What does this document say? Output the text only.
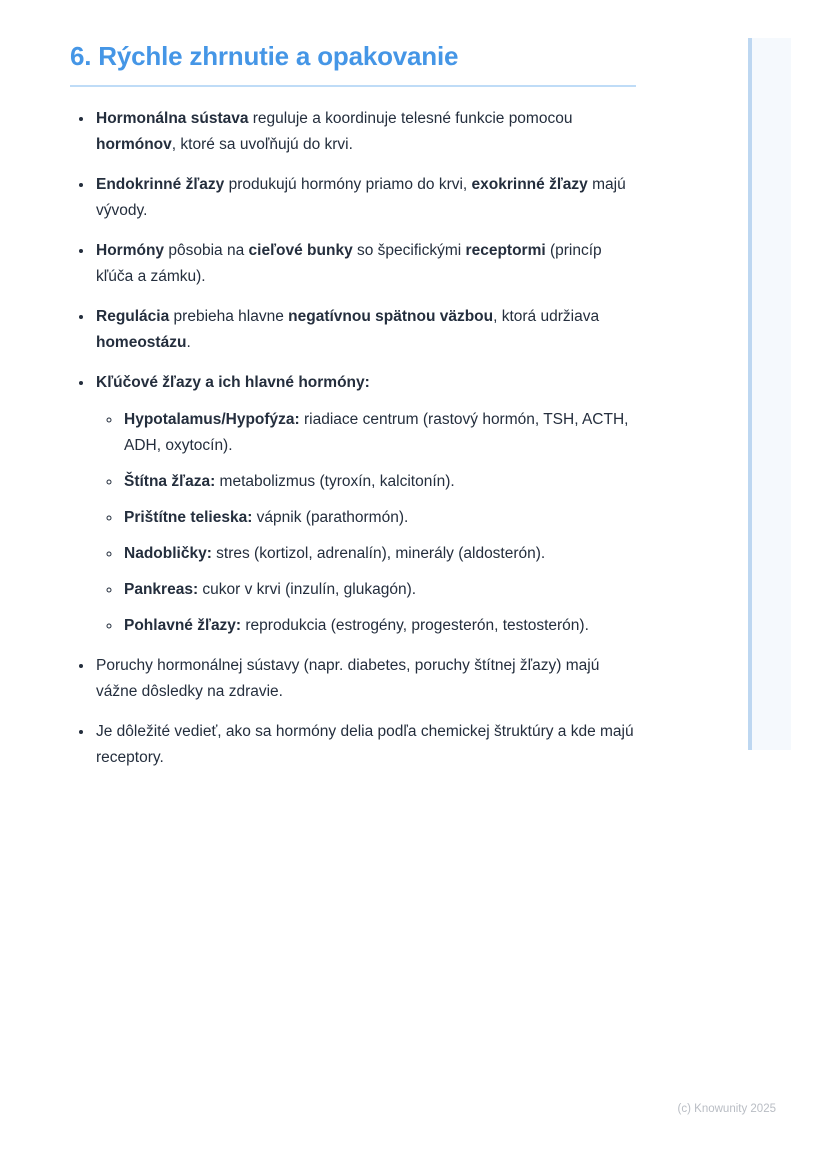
6. Rýchle zhrnutie a opakovanie
• Hormonálna sústava reguluje a koordinuje telesné funkcie pomocou hormónov, ktoré sa uvoľňujú do krvi.
• Endokrinné žľazy produkujú hormóny priamo do krvi, exokrinné žľazy majú vývody.
• Hormóny pôsobia na cieľové bunky so špecifickými receptormi (princíp kľúča a zámku).
• Regulácia prebieha hlavne negatívnou spätnou väzbou, ktorá udržiava homeostázu.
• Kľúčové žľazy a ich hlavné hormóny:
◦ Hypotalamus/Hypofýza: riadiace centrum (rastový hormón, TSH, ACTH, ADH, oxytocín).
◦ Štítna žľaza: metabolizmus (tyroxín, kalcitonín).
◦ Prištítne telieska: vápnik (parathormón).
◦ Nadobličky: stres (kortizol, adrenalín), minerály (aldosterón).
◦ Pankreas: cukor v krvi (inzulín, glukagón).
◦ Pohlavné žľazy: reprodukcia (estrogény, progesterón, testosterón).
• Poruchy hormonálnej sústavy (napr. diabetes, poruchy štítnej žľazy) majú vážne dôsledky na zdravie.
• Je dôležité vedieť, ako sa hormóny delia podľa chemickej štruktúry a kde majú receptory.
(c) Knowunity 2025
